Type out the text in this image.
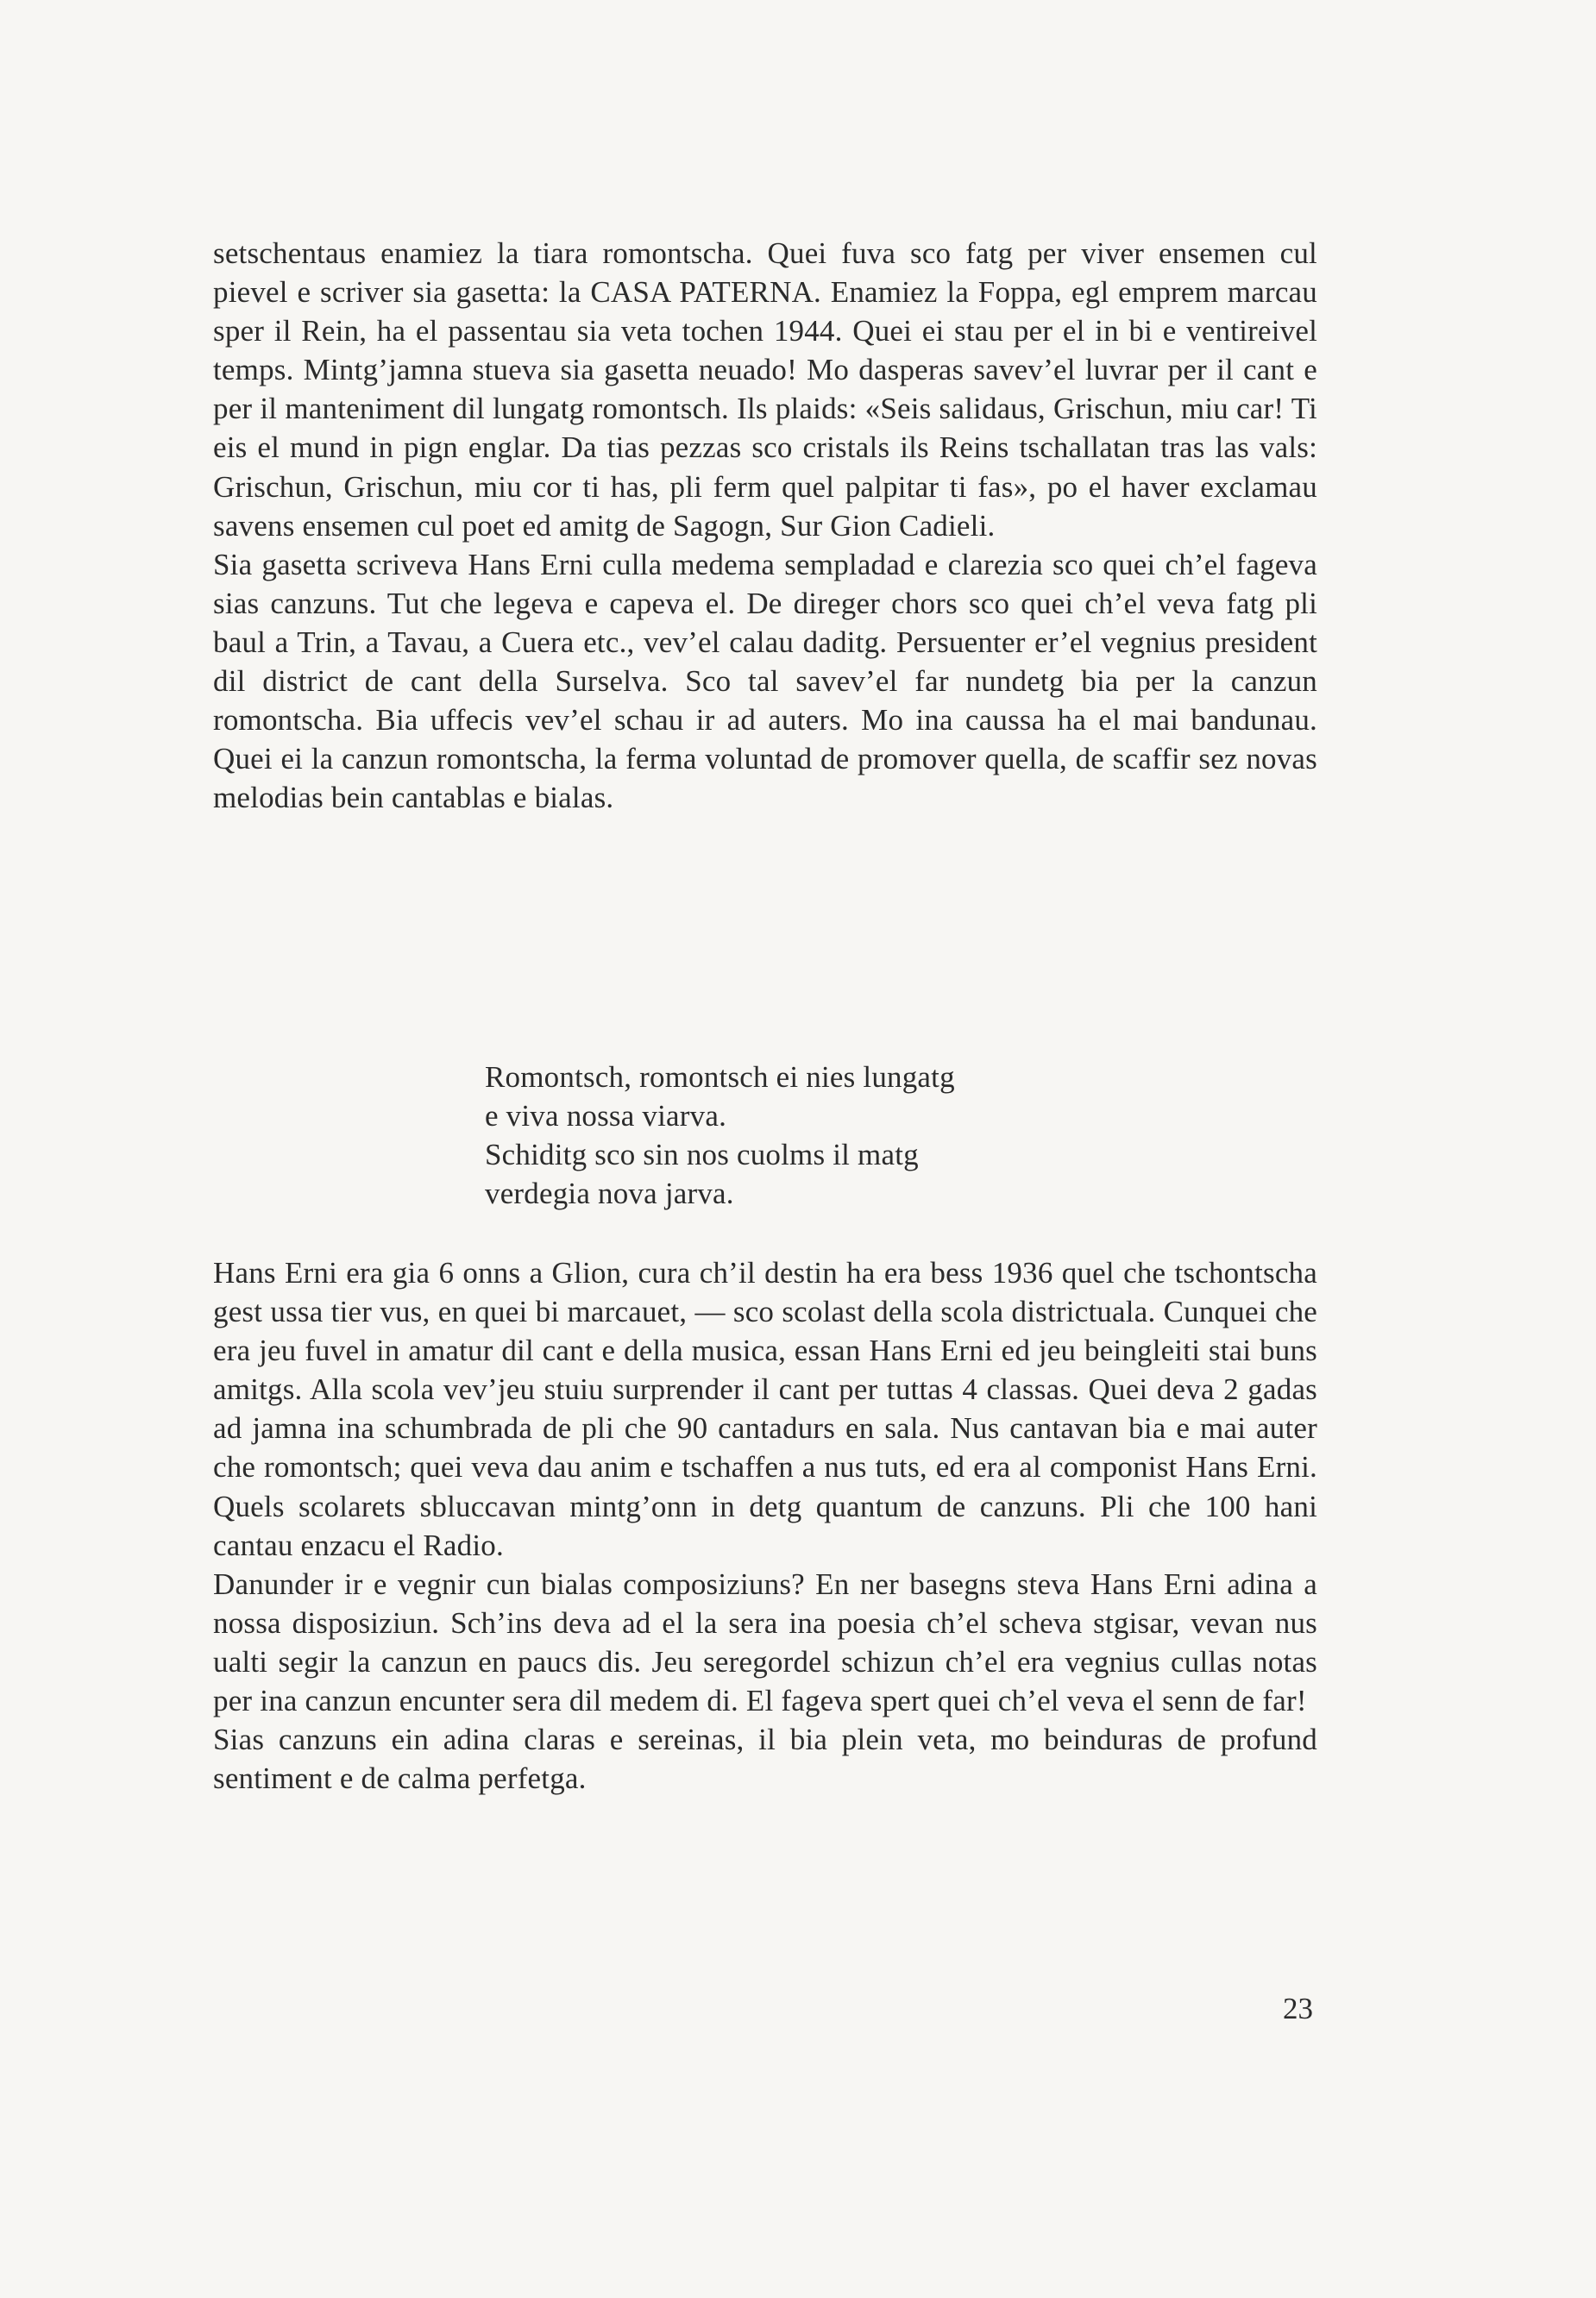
setschentaus enamiez la tiara romontscha. Quei fuva sco fatg per viver ensemen cul pievel e scriver sia gasetta: la CASA PATERNA. Enamiez la Foppa, egl emprem marcau sper il Rein, ha el passentau sia veta tochen 1944. Quei ei stau per el in bi e ventireivel temps. Mintg’jamna stueva sia gasetta neuado! Mo dasperas savev’el luvrar per il cant e per il manteniment dil lungatg romontsch. Ils plaids: «Seis salidaus, Grischun, miu car! Ti eis el mund in pign englar. Da tias pezzas sco cristals ils Reins tschallatan tras las vals: Grischun, Grischun, miu cor ti has, pli ferm quel palpitar ti fas», po el haver exclamau savens ensemen cul poet ed amitg de Sagogn, Sur Gion Cadieli.

Sia gasetta scriveva Hans Erni culla medema sempladad e clarezia sco quei ch’el fageva sias canzuns. Tut che legeva e capeva el. De direger chors sco quei ch’el veva fatg pli baul a Trin, a Tavau, a Cuera etc., vev’el calau daditg. Persuenter er’el vegnius president dil district de cant della Surselva. Sco tal savev’el far nundetg bia per la canzun romontscha. Bia uffecis vev’el schau ir ad auters. Mo ina caussa ha el mai bandunau. Quei ei la canzun romontscha, la ferma voluntad de promover quella, de scaffir sez novas melodias bein cantablas e bialas.

Romontsch, romontsch ei nies lungatg
e viva nossa viarva.
Schiditg sco sin nos cuolms il matg
verdegia nova jarva.

Hans Erni era gia 6 onns a Glion, cura ch’il destin ha era bess 1936 quel che tschontscha gest ussa tier vus, en quei bi marcauet, — sco scolast della scola districtuala. Cunquei che era jeu fuvel in amatur dil cant e della musica, essan Hans Erni ed jeu beingleiti stai buns amitgs. Alla scola vev’jeu stuiu surprender il cant per tuttas 4 classas. Quei deva 2 gadas ad jamna ina schumbrada de pli che 90 cantadurs en sala. Nus cantavan bia e mai auter che romontsch; quei veva dau anim e tschaffen a nus tuts, ed era al componist Hans Erni. Quels scolarets sbluccavan mintg’onn in detg quantum de canzuns. Pli che 100 hani cantau enzacu el Radio.

Danunder ir e vegnir cun bialas composiziuns? En ner basegns steva Hans Erni adina a nossa disposiziun. Sch’ins deva ad el la sera ina poesia ch’el scheva stgisar, vevan nus ualti segir la canzun en paucs dis. Jeu seregordel schizun ch’el era vegnius cullas notas per ina canzun encunter sera dil medem di. El fageva spert quei ch’el veva el senn de far!

Sias canzuns ein adina claras e sereinas, il bia plein veta, mo beinduras de profund sentiment e de calma perfetga.

23
